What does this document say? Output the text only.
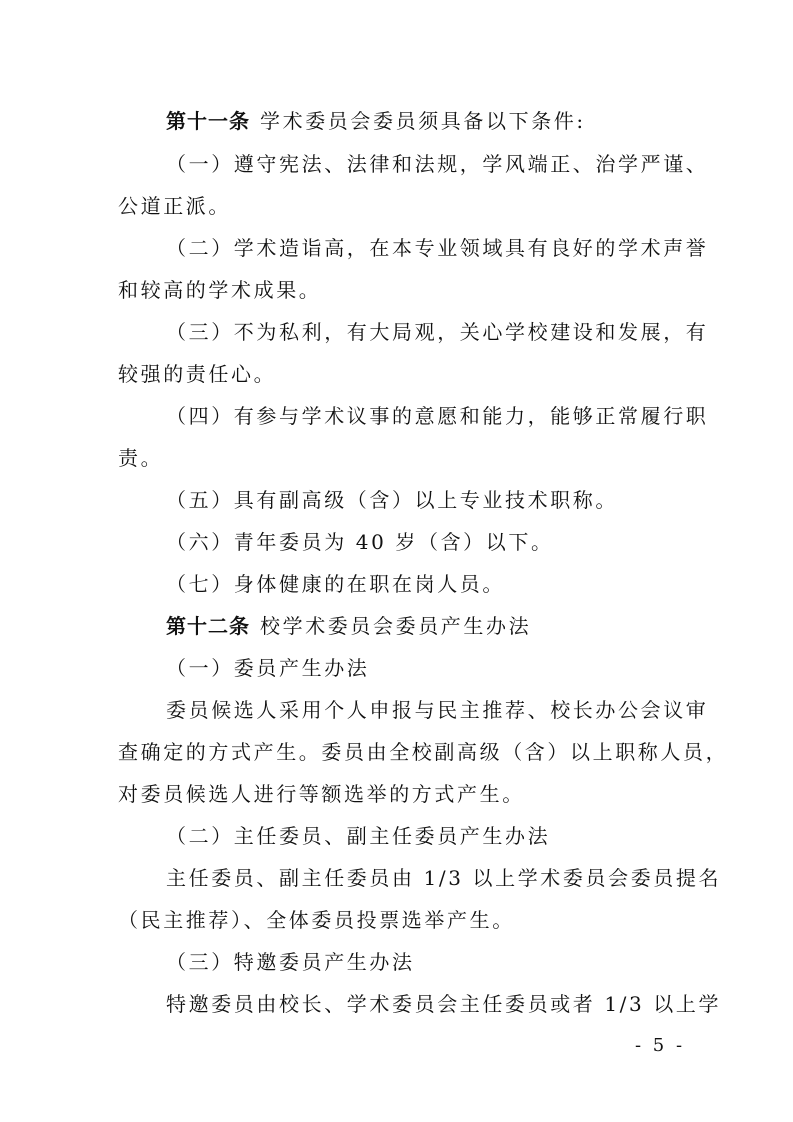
第十一条 学术委员会委员须具备以下条件:
（一）遵守宪法、法律和法规，学风端正、治学严谨、
公道正派。
（二）学术造诣高，在本专业领域具有良好的学术声誉
和较高的学术成果。
（三）不为私利，有大局观，关心学校建设和发展，有
较强的责任心。
（四）有参与学术议事的意愿和能力，能够正常履行职
责。
（五）具有副高级（含）以上专业技术职称。
（六）青年委员为 40 岁（含）以下。
（七）身体健康的在职在岗人员。
第十二条 校学术委员会委员产生办法
（一）委员产生办法
委员候选人采用个人申报与民主推荐、校长办公会议审
查确定的方式产生。委员由全校副高级（含）以上职称人员，
对委员候选人进行等额选举的方式产生。
（二）主任委员、副主任委员产生办法
主任委员、副主任委员由 1/3 以上学术委员会委员提名
（民主推荐）、全体委员投票选举产生。
（三）特邀委员产生办法
特邀委员由校长、学术委员会主任委员或者 1/3 以上学
- 5 -
